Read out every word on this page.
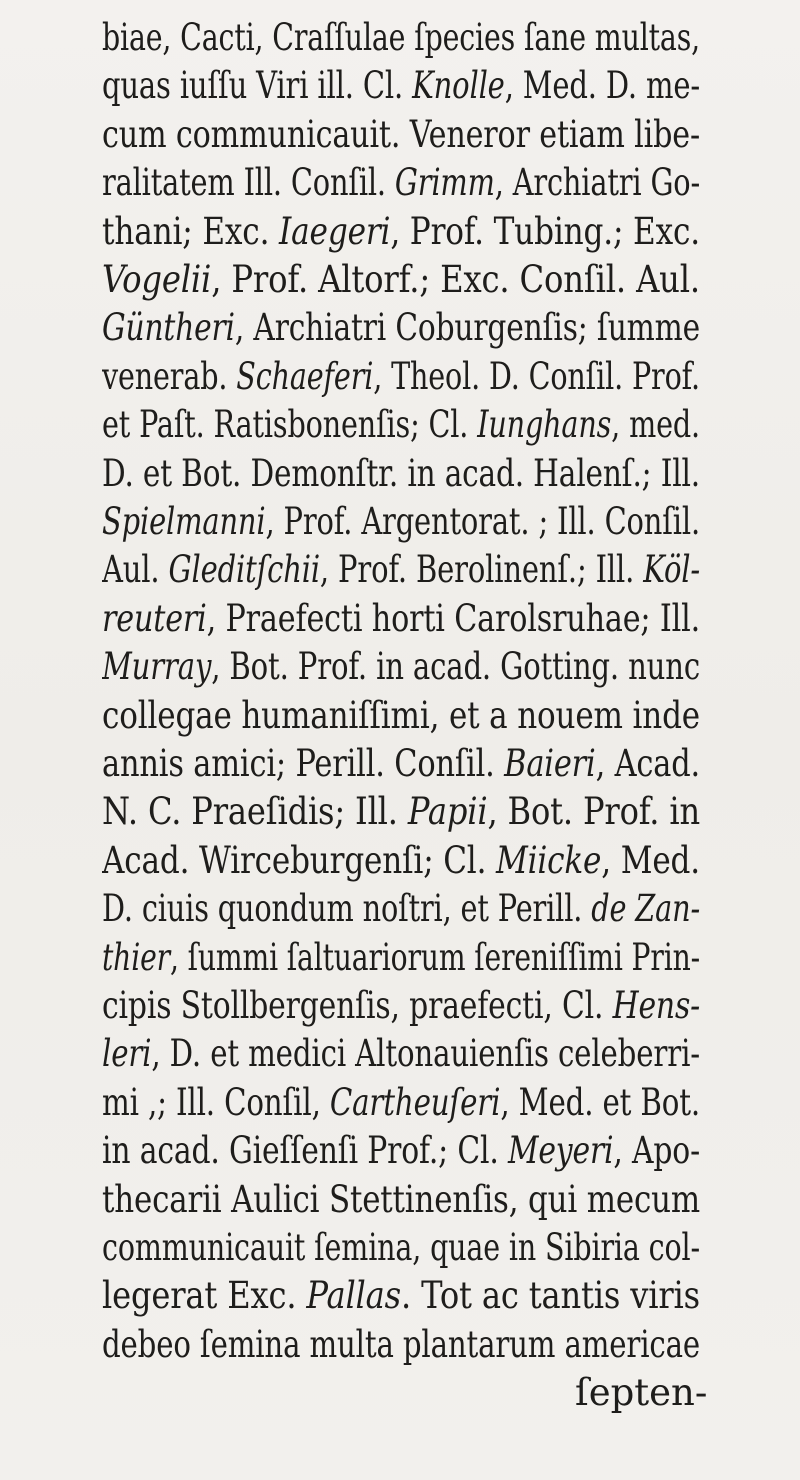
biae, Cacti, Craſſulae ſpecies ſane multas,
quas iuſſu Viri ill. Cl. Knolle, Med. D. me-
cum communicauit. Veneror etiam libe-
ralitatem Ill. Conſil. Grimm, Archiatri Go-
thani; Exc. Iaegeri, Prof. Tubing.; Exc.
Vogelii, Prof. Altorf.; Exc. Conſil. Aul.
Güntheri, Archiatri Coburgenſis; ſumme
venerab. Schaeferi, Theol. D. Conſil. Prof.
et Paſt. Ratisbonenſis; Cl. Iunghans, med.
D. et Bot. Demonſtr. in acad. Halenſ.; Ill.
Spielmanni, Prof. Argentorat. ; Ill. Conſil.
Aul. Gleditſchii, Prof. Berolinenſ.; Ill. Köl-
reuteri, Praefecti horti Carolsruhae; Ill.
Murray, Bot. Prof. in acad. Gotting. nunc
collegae humaniſſimi, et a nouem inde
annis amici; Perill. Conſil. Baieri, Acad.
N. C. Praeſidis; Ill. Papii, Bot. Prof. in
Acad. Wirceburgenſi; Cl. Miicke, Med.
D. ciuis quondum noſtri, et Perill. de Zan-
thier, ſummi ſaltuariorum ſereniſſimi Prin-
cipis Stollbergenſis, praefecti, Cl. Hens-
leri, D. et medici Altonauienſis celeberri-
mi ,; Ill. Conſil, Cartheuſeri, Med. et Bot.
in acad. Gieſſenſi Prof.; Cl. Meyeri, Apo-
thecarii Aulici Stettinenſis, qui mecum
communicauit ſemina, quae in Sibiria col-
legerat Exc. Pallas. Tot ac tantis viris
debeo ſemina multa plantarum americae
ſepten-
